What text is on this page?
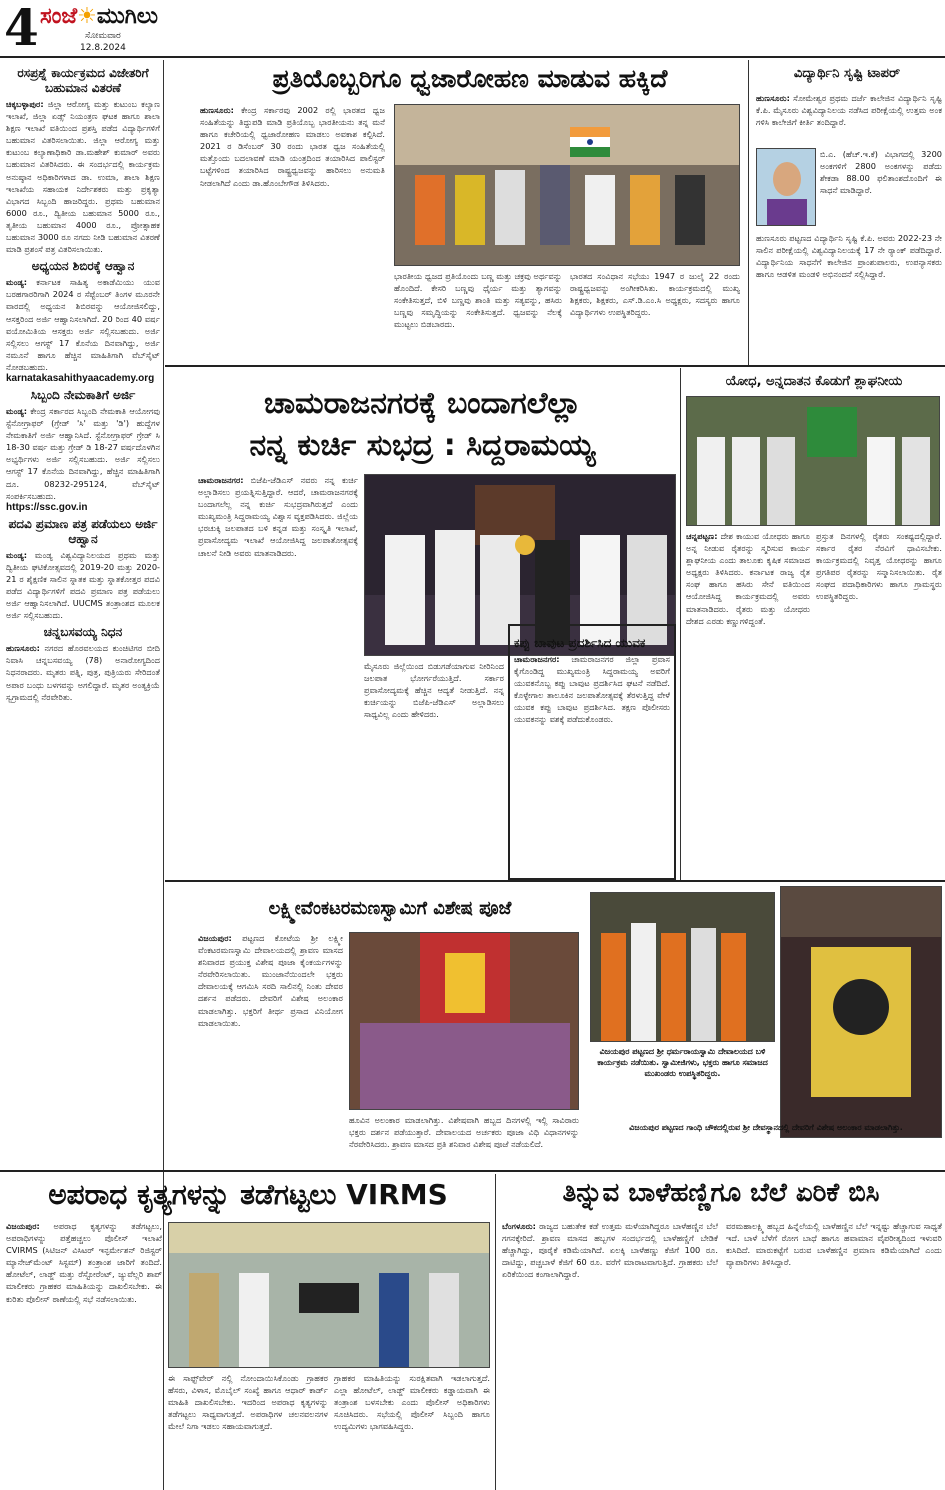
4 ಸಂಜೆ☀ಮುಗಿಲು
ಸೋಮವಾರ
12.8.2024
ರಸಪ್ರಶ್ನೆ ಕಾರ್ಯಕ್ರಮದ ವಿಜೇತರಿಗೆ ಬಹುಮಾನ ವಿತರಣೆ
ಚಿಕ್ಕಬಳ್ಳಾಪುರ: ಜಿಲ್ಲಾ ಆರೋಗ್ಯ ಮತ್ತು ಕುಟುಂಬ ಕಲ್ಯಾಣ ಇಲಾಖೆ, ಜಿಲ್ಲಾ ಏಡ್ಸ್ ನಿಯಂತ್ರಣ ಘಟಕ ಹಾಗೂ ಶಾಲಾ ಶಿಕ್ಷಣ ಇಲಾಖೆ ವತಿಯಿಂದ ಪ್ರಶಸ್ತಿ ಪಡೆದ ವಿದ್ಯಾರ್ಥಿಗಳಿಗೆ ಬಹುಮಾನ ವಿತರಿಸಲಾಯಿತು. ಜಿಲ್ಲಾ ಆರೋಗ್ಯ ಮತ್ತು ಕುಟುಂಬ ಕಲ್ಯಾಣಾಧಿಕಾರಿ ಡಾ.ಮಹೇಶ್ ಕುಮಾರ್ ಅವರು ಬಹುಮಾನ ವಿತರಿಸಿದರು. ಈ ಸಂದರ್ಭದಲ್ಲಿ ಕಾರ್ಯಕ್ರಮ ಅನುಷ್ಠಾನ ಅಧಿಕಾರಿಗಳಾದ ಡಾ. ಉಮಾ, ಶಾಲಾ ಶಿಕ್ಷಣ ಇಲಾಖೆಯ ಸಹಾಯಕ ನಿರ್ದೇಶಕರು ಮತ್ತು ಪ್ರಕೃತ್ಯಾ ವಿಭಾಗದ ಸಿಬ್ಬಂದಿ ಹಾಜರಿದ್ದರು. ಪ್ರಥಮ ಬಹುಮಾನ 6000 ರೂ., ದ್ವಿತೀಯ ಬಹುಮಾನ 5000 ರೂ., ತೃತೀಯ ಬಹುಮಾನ 4000 ರೂ., ಪ್ರೋತ್ಸಾಹಕ ಬಹುಮಾನ 3000 ರೂ ನಗದು ನೀಡಿ ಬಹುಮಾನ ವಿತರಣೆ ಮಾಡಿ ಪ್ರಶಂಸೆ ಪತ್ರ ವಿತರಿಸಲಾಯಿತು.
ಅಧ್ಯಯನ ಶಿಬಿರಕ್ಕೆ ಆಹ್ವಾನ
ಮಂಡ್ಯ: ಕರ್ನಾಟಕ ಸಾಹಿತ್ಯ ಅಕಾಡೆಮಿಯು ಯುವ ಬರಹಗಾರರಿಗಾಗಿ 2024 ರ ಸೆಪ್ಟೆಂಬರ್ ತಿಂಗಳ ಮೂರನೇ ವಾರದಲ್ಲಿ ಅಧ್ಯಯನ ಶಿಬಿರವನ್ನು ಆಯೋಜಿಸಲಿದ್ದು, ಆಸಕ್ತರಿಂದ ಅರ್ಜಿ ಆಹ್ವಾನಿಸಲಾಗಿದೆ. 20 ರಿಂದ 40 ವರ್ಷ ವಯೋಮಿತಿಯ ಆಸಕ್ತರು ಅರ್ಜಿ ಸಲ್ಲಿಸಬಹುದು. ಅರ್ಜಿ ಸಲ್ಲಿಸಲು ಆಗಸ್ಟ್ 17 ಕೊನೆಯ ದಿನವಾಗಿದ್ದು, ಅರ್ಜಿ ನಮೂನೆ ಹಾಗೂ ಹೆಚ್ಚಿನ ಮಾಹಿತಿಗಾಗಿ ವೆಬ್‌ಸೈಟ್ ನೋಡಬಹುದು.
karnatakasahithyaacademy.org
ಸಿಬ್ಬಂದಿ ನೇಮಕಾತಿಗೆ ಅರ್ಜಿ
ಮಂಡ್ಯ: ಕೇಂದ್ರ ಸರ್ಕಾರದ ಸಿಬ್ಬಂದಿ ನೇಮಕಾತಿ ಆಯೋಗವು ಸ್ಟೆನೋಗ್ರಾಫರ್ (ಗ್ರೇಡ್ 'ಸಿ' ಮತ್ತು 'ಡಿ') ಹುದ್ದೆಗಳ ನೇಮಕಾತಿಗೆ ಅರ್ಜಿ ಆಹ್ವಾನಿಸಿದೆ. ಸ್ಟೆನೋಗ್ರಾಫರ್ ಗ್ರೇಡ್ ಸಿ 18-30 ವರ್ಷ ಮತ್ತು ಗ್ರೇಡ್ ಡಿ 18-27 ವರ್ಷದೊಳಗಿನ ಅಭ್ಯರ್ಥಿಗಳು ಅರ್ಜಿ ಸಲ್ಲಿಸಬಹುದು. ಅರ್ಜಿ ಸಲ್ಲಿಸಲು ಆಗಸ್ಟ್ 17 ಕೊನೆಯ ದಿನವಾಗಿದ್ದು, ಹೆಚ್ಚಿನ ಮಾಹಿತಿಗಾಗಿ ದೂ. 08232-295124, ವೆಬ್‌ಸೈಟ್ ಸಂಪರ್ಕಿಸಬಹುದು.
https://ssc.gov.in
ಪದವಿ ಪ್ರಮಾಣ ಪತ್ರ ಪಡೆಯಲು ಅರ್ಜಿ ಆಹ್ವಾನ
ಮಂಡ್ಯ: ಮಂಡ್ಯ ವಿಶ್ವವಿದ್ಯಾನಿಲಯದ ಪ್ರಥಮ ಮತ್ತು ದ್ವಿತೀಯ ಘಟಿಕೋತ್ಸವದಲ್ಲಿ 2019-20 ಮತ್ತು 2020-21 ರ ಶೈಕ್ಷಣಿಕ ಸಾಲಿನ ಸ್ನಾತಕ ಮತ್ತು ಸ್ನಾತಕೋತ್ತರ ಪದವಿ ಪಡೆದ ವಿದ್ಯಾರ್ಥಿಗಳಿಗೆ ಪದವಿ ಪ್ರಮಾಣ ಪತ್ರ ಪಡೆಯಲು ಅರ್ಜಿ ಆಹ್ವಾನಿಸಲಾಗಿದೆ. UUCMS ತಂತ್ರಾಂಶದ ಮೂಲಕ ಅರ್ಜಿ ಸಲ್ಲಿಸಬಹುದು.
ಚನ್ನಬಸವಯ್ಯ ನಿಧನ
ಹುಣಸೂರು: ನಗರದ ಹೊರವಲಯದ ಕುಂಚಿಟಿಗರ ಬೀದಿ ನಿವಾಸಿ ಚನ್ನಬಸವಯ್ಯ (78) ಅನಾರೋಗ್ಯದಿಂದ ನಿಧನರಾದರು. ಮೃತರು ಪತ್ನಿ, ಪುತ್ರ, ಪುತ್ರಿಯರು ಸೇರಿದಂತೆ ಅಪಾರ ಬಂಧು ಬಳಗವನ್ನು ಅಗಲಿದ್ದಾರೆ. ಮೃತರ ಅಂತ್ಯಕ್ರಿಯೆ ಸ್ವಗ್ರಾಮದಲ್ಲಿ ನೆರವೇರಿತು.
ಪ್ರತಿಯೊಬ್ಬರಿಗೂ ಧ್ವಜಾರೋಹಣ ಮಾಡುವ ಹಕ್ಕಿದೆ
ಹುಣಸೂರು: ಕೇಂದ್ರ ಸರ್ಕಾರವು 2002 ರಲ್ಲಿ ಭಾರತದ ಧ್ವಜ ಸಂಹಿತೆಯನ್ನು ತಿದ್ದುಪಡಿ ಮಾಡಿ ಪ್ರತಿಯೊಬ್ಬ ಭಾರತೀಯನು ತನ್ನ ಮನೆ ಹಾಗೂ ಕಚೇರಿಯಲ್ಲಿ ಧ್ವಜಾರೋಹಣ ಮಾಡಲು ಅವಕಾಶ ಕಲ್ಪಿಸಿದೆ. 2021 ರ ಡಿಸೆಂಬರ್ 30 ರಂದು ಭಾರತ ಧ್ವಜ ಸಂಹಿತೆಯಲ್ಲಿ ಮತ್ತೊಂದು ಬದಲಾವಣೆ ಮಾಡಿ ಯಂತ್ರದಿಂದ ತಯಾರಿಸಿದ ಪಾಲಿಸ್ಟರ್ ಬಟ್ಟೆಗಳಿಂದ ತಯಾರಿಸಿದ ರಾಷ್ಟ್ರಧ್ವಜವನ್ನು ಹಾರಿಸಲು ಅನುಮತಿ ನೀಡಲಾಗಿದೆ ಎಂದು ಡಾ.ಹೊಂಬೇಗೌಡ ತಿಳಿಸಿದರು.
ಭಾರತೀಯ ಧ್ವಜದ ಪ್ರತಿಯೊಂದು ಬಣ್ಣ ಮತ್ತು ಚಕ್ರವು ಅರ್ಥವನ್ನು ಹೊಂದಿದೆ. ಕೇಸರಿ ಬಣ್ಣವು ಧೈರ್ಯ ಮತ್ತು ತ್ಯಾಗವನ್ನು ಸಂಕೇತಿಸುತ್ತದೆ, ಬಿಳಿ ಬಣ್ಣವು ಶಾಂತಿ ಮತ್ತು ಸತ್ಯವನ್ನು, ಹಸಿರು ಬಣ್ಣವು ಸಮೃದ್ಧಿಯನ್ನು ಸಂಕೇತಿಸುತ್ತದೆ. ಧ್ವಜವನ್ನು ನೆಲಕ್ಕೆ ಮುಟ್ಟಲು ಬಿಡಬಾರದು.
ಭಾರತದ ಸಂವಿಧಾನ ಸಭೆಯು 1947 ರ ಜುಲೈ 22 ರಂದು ರಾಷ್ಟ್ರಧ್ವಜವನ್ನು ಅಂಗೀಕರಿಸಿತು. ಕಾರ್ಯಕ್ರಮದಲ್ಲಿ ಮುಖ್ಯ ಶಿಕ್ಷಕರು, ಶಿಕ್ಷಕರು, ಎಸ್.ಡಿ.ಎಂ.ಸಿ ಅಧ್ಯಕ್ಷರು, ಸದಸ್ಯರು ಹಾಗೂ ವಿದ್ಯಾರ್ಥಿಗಳು ಉಪಸ್ಥಿತರಿದ್ದರು.
ವಿದ್ಯಾರ್ಥಿನಿ ಸೃಷ್ಟಿ ಟಾಪರ್
ಹುಣಸೂರು: ಸೋಮೇಶ್ವರ ಪ್ರಥಮ ದರ್ಜೆ ಕಾಲೇಜಿನ ವಿದ್ಯಾರ್ಥಿನಿ ಸೃಷ್ಟಿ ಕೆ.ಪಿ. ಮೈಸೂರು ವಿಶ್ವವಿದ್ಯಾನಿಲಯ ನಡೆಸಿದ ಪರೀಕ್ಷೆಯಲ್ಲಿ ಉತ್ತಮ ಅಂಕ ಗಳಿಸಿ ಕಾಲೇಜಿಗೆ ಕೀರ್ತಿ ತಂದಿದ್ದಾರೆ.
ಬಿ.ಎ. (ಹೆಚ್.ಇ.ಕೆ) ವಿಭಾಗದಲ್ಲಿ 3200 ಅಂಕಗಳಿಗೆ 2800 ಅಂಕಗಳನ್ನು ಪಡೆದು ಶೇಕಡಾ 88.00 ಫಲಿತಾಂಶದೊಂದಿಗೆ ಈ ಸಾಧನೆ ಮಾಡಿದ್ದಾರೆ.
ಹುಣಸೂರು ಪಟ್ಟಣದ ವಿದ್ಯಾರ್ಥಿನಿ ಸೃಷ್ಟಿ ಕೆ.ಪಿ. ಅವರು 2022-23 ನೇ ಸಾಲಿನ ಪರೀಕ್ಷೆಯಲ್ಲಿ ವಿಶ್ವವಿದ್ಯಾನಿಲಯಕ್ಕೆ 17 ನೇ ರ‍್ಯಾಂಕ್ ಪಡೆದಿದ್ದಾರೆ. ವಿದ್ಯಾರ್ಥಿನಿಯ ಸಾಧನೆಗೆ ಕಾಲೇಜಿನ ಪ್ರಾಂಶುಪಾಲರು, ಉಪನ್ಯಾಸಕರು ಹಾಗೂ ಆಡಳಿತ ಮಂಡಳಿ ಅಭಿನಂದನೆ ಸಲ್ಲಿಸಿದ್ದಾರೆ.
ಚಾಮರಾಜನಗರಕ್ಕೆ ಬಂದಾಗಲೆಲ್ಲಾ
ನನ್ನ ಕುರ್ಚಿ ಸುಭದ್ರ : ಸಿದ್ದರಾಮಯ್ಯ
ಚಾಮರಾಜನಗರ: ಬಿಜೆಪಿ-ಜೆಡಿಎಸ್ ನವರು ನನ್ನ ಕುರ್ಚಿ ಅಲ್ಲಾಡಿಸಲು ಪ್ರಯತ್ನಿಸುತ್ತಿದ್ದಾರೆ. ಆದರೆ, ಚಾಮರಾಜನಗರಕ್ಕೆ ಬಂದಾಗಲೆಲ್ಲ ನನ್ನ ಕುರ್ಚಿ ಸುಭದ್ರವಾಗಿರುತ್ತದೆ ಎಂದು ಮುಖ್ಯಮಂತ್ರಿ ಸಿದ್ದರಾಮಯ್ಯ ವಿಶ್ವಾಸ ವ್ಯಕ್ತಪಡಿಸಿದರು. ಜಿಲ್ಲೆಯ ಭರಚುಕ್ಕಿ ಜಲಪಾತದ ಬಳಿ ಕನ್ನಡ ಮತ್ತು ಸಂಸ್ಕೃತಿ ಇಲಾಖೆ, ಪ್ರವಾಸೋದ್ಯಮ ಇಲಾಖೆ ಆಯೋಜಿಸಿದ್ದ ಜಲಪಾತೋತ್ಸವಕ್ಕೆ ಚಾಲನೆ ನೀಡಿ ಅವರು ಮಾತನಾಡಿದರು.
ಮೈಸೂರು ಜಿಲ್ಲೆಯಿಂದ ಬಿಡುಗಡೆಯಾಗುವ ನೀರಿನಿಂದ ಜಲಪಾತ ಭೋರ್ಗರೆಯುತ್ತಿದೆ. ಸರ್ಕಾರ ಪ್ರವಾಸೋದ್ಯಮಕ್ಕೆ ಹೆಚ್ಚಿನ ಆದ್ಯತೆ ನೀಡುತ್ತಿದೆ. ನನ್ನ ಕುರ್ಚಿಯನ್ನು ಬಿಜೆಪಿ-ಜೆಡಿಎಸ್ ಅಲ್ಲಾಡಿಸಲು ಸಾಧ್ಯವಿಲ್ಲ ಎಂದು ಹೇಳಿದರು.
ಕಪ್ಪು ಬಾವುಟ ಪ್ರದರ್ಶಿಸಿದ ಯುವಕ
ಚಾಮರಾಜನಗರ: ಚಾಮರಾಜನಗರ ಜಿಲ್ಲಾ ಪ್ರವಾಸ ಕೈಗೊಂಡಿದ್ದ ಮುಖ್ಯಮಂತ್ರಿ ಸಿದ್ದರಾಮಯ್ಯ ಅವರಿಗೆ ಯುವಕನೊಬ್ಬ ಕಪ್ಪು ಬಾವುಟ ಪ್ರದರ್ಶಿಸಿದ ಘಟನೆ ನಡೆದಿದೆ. ಕೊಳ್ಳೇಗಾಲ ತಾಲೂಕಿನ ಜಲಪಾತೋತ್ಸವಕ್ಕೆ ತೆರಳುತ್ತಿದ್ದ ವೇಳೆ ಯುವಕ ಕಪ್ಪು ಬಾವುಟ ಪ್ರದರ್ಶಿಸಿದ. ತಕ್ಷಣ ಪೊಲೀಸರು ಯುವಕನನ್ನು ವಶಕ್ಕೆ ಪಡೆದುಕೊಂಡರು.
ಯೋಧ, ಅನ್ನದಾತನ ಕೊಡುಗೆ ಶ್ಲಾಘನೀಯ
ಚನ್ನಪಟ್ಟಣ: ದೇಶ ಕಾಯುವ ಯೋಧರು ಹಾಗೂ ಅನ್ನ ನೀಡುವ ರೈತರನ್ನು ಸ್ಮರಿಸುವ ಕಾರ್ಯ ಶ್ಲಾಘನೀಯ ಎಂದು ತಾಲೂಕು ಕೃಷಿಕ ಸಮಾಜದ ಅಧ್ಯಕ್ಷರು ತಿಳಿಸಿದರು. ಕರ್ನಾಟಕ ರಾಜ್ಯ ರೈತ ಸಂಘ ಹಾಗೂ ಹಸಿರು ಸೇನೆ ವತಿಯಿಂದ ಆಯೋಜಿಸಿದ್ದ ಕಾರ್ಯಕ್ರಮದಲ್ಲಿ ಅವರು ಮಾತನಾಡಿದರು. ರೈತರು ಮತ್ತು ಯೋಧರು ದೇಶದ ಎರಡು ಕಣ್ಣುಗಳಿದ್ದಂತೆ.
ಪ್ರಸ್ತುತ ದಿನಗಳಲ್ಲಿ ರೈತರು ಸಂಕಷ್ಟದಲ್ಲಿದ್ದಾರೆ. ಸರ್ಕಾರ ರೈತರ ನೆರವಿಗೆ ಧಾವಿಸಬೇಕು. ಕಾರ್ಯಕ್ರಮದಲ್ಲಿ ನಿವೃತ್ತ ಯೋಧರನ್ನು ಹಾಗೂ ಪ್ರಗತಿಪರ ರೈತರನ್ನು ಸನ್ಮಾನಿಸಲಾಯಿತು. ರೈತ ಸಂಘದ ಪದಾಧಿಕಾರಿಗಳು ಹಾಗೂ ಗ್ರಾಮಸ್ಥರು ಉಪಸ್ಥಿತರಿದ್ದರು.
ಲಕ್ಷ್ಮೀವೆಂಕಟರಮಣಸ್ವಾಮಿಗೆ ವಿಶೇಷ ಪೂಜೆ
ವಿಜಯಪುರ: ಪಟ್ಟಣದ ಕೋಟೆಯ ಶ್ರೀ ಲಕ್ಷ್ಮೀ ವೆಂಕಟರಮಣಸ್ವಾಮಿ ದೇವಾಲಯದಲ್ಲಿ ಶ್ರಾವಣ ಮಾಸದ ಶನಿವಾರದ ಪ್ರಯುಕ್ತ ವಿಶೇಷ ಪೂಜಾ ಕೈಂಕರ್ಯಗಳನ್ನು ನೆರವೇರಿಸಲಾಯಿತು. ಮುಂಜಾನೆಯಿಂದಲೇ ಭಕ್ತರು ದೇವಾಲಯಕ್ಕೆ ಆಗಮಿಸಿ ಸರದಿ ಸಾಲಿನಲ್ಲಿ ನಿಂತು ದೇವರ ದರ್ಶನ ಪಡೆದರು. ದೇವರಿಗೆ ವಿಶೇಷ ಅಲಂಕಾರ ಮಾಡಲಾಗಿತ್ತು. ಭಕ್ತರಿಗೆ ತೀರ್ಥ ಪ್ರಸಾದ ವಿನಿಯೋಗ ಮಾಡಲಾಯಿತು.
ಹೂವಿನ ಅಲಂಕಾರ ಮಾಡಲಾಗಿತ್ತು. ವಿಶೇಷವಾಗಿ ಹಬ್ಬದ ದಿನಗಳಲ್ಲಿ ಇಲ್ಲಿ ಸಾವಿರಾರು ಭಕ್ತರು ದರ್ಶನ ಪಡೆಯುತ್ತಾರೆ. ದೇವಾಲಯದ ಅರ್ಚಕರು ಪೂಜಾ ವಿಧಿ ವಿಧಾನಗಳನ್ನು ನೆರವೇರಿಸಿದರು. ಶ್ರಾವಣ ಮಾಸದ ಪ್ರತಿ ಶನಿವಾರ ವಿಶೇಷ ಪೂಜೆ ನಡೆಯಲಿದೆ.
ವಿಜಯಪುರ ಪಟ್ಟಣದ ಶ್ರೀ ಧರ್ಮರಾಯಸ್ವಾಮಿ ದೇವಾಲಯದ ಬಳಿ ಕಾರ್ಯಕ್ರಮ ನಡೆಯಿತು. ಸ್ವಾಮೀಜಿಗಳು, ಭಕ್ತರು ಹಾಗೂ ಸಮಾಜದ ಮುಖಂಡರು ಉಪಸ್ಥಿತರಿದ್ದರು.
ವಿಜಯಪುರ ಪಟ್ಟಣದ ಗಾಂಧಿ ಚೌಕದಲ್ಲಿರುವ ಶ್ರೀ ದೇವಸ್ಥಾನದಲ್ಲಿ ದೇವರಿಗೆ ವಿಶೇಷ ಅಲಂಕಾರ ಮಾಡಲಾಗಿತ್ತು.
ಅಪರಾಧ ಕೃತ್ಯಗಳನ್ನು ತಡೆಗಟ್ಟಲು VIRMS
ವಿಜಯಪುರ: ಅಪರಾಧ ಕೃತ್ಯಗಳನ್ನು ತಡೆಗಟ್ಟಲು, ಅಪರಾಧಿಗಳನ್ನು ಪತ್ತೆಹಚ್ಚಲು ಪೊಲೀಸ್ ಇಲಾಖೆ CVIRMS (ಸಿಟಿಜನ್ ವಿಸಿಟರ್ ಇನ್ಫರ್ಮೇಶನ್ ರಿಜಿಸ್ಟರ್ ಮ್ಯಾನೇಜ್‌ಮೆಂಟ್ ಸಿಸ್ಟಮ್) ತಂತ್ರಾಂಶ ಜಾರಿಗೆ ತಂದಿದೆ. ಹೋಟೆಲ್, ಲಾಡ್ಜ್ ಮತ್ತು ರೆಸ್ಟೋರೆಂಟ್, ಜ್ಯುವೆಲ್ಲರಿ ಶಾಪ್ ಮಾಲೀಕರು ಗ್ರಾಹಕರ ಮಾಹಿತಿಯನ್ನು ದಾಖಲಿಸಬೇಕು. ಈ ಕುರಿತು ಪೊಲೀಸ್ ಠಾಣೆಯಲ್ಲಿ ಸಭೆ ನಡೆಸಲಾಯಿತು.
ಈ ಸಾಫ್ಟ್‌ವೇರ್ ನಲ್ಲಿ ನೋಂದಾಯಿಸಿಕೊಂಡು ಗ್ರಾಹಕರ ಹೆಸರು, ವಿಳಾಸ, ಮೊಬೈಲ್ ಸಂಖ್ಯೆ ಹಾಗೂ ಆಧಾರ್ ಕಾರ್ಡ್ ಮಾಹಿತಿ ದಾಖಲಿಸಬೇಕು. ಇದರಿಂದ ಅಪರಾಧ ಕೃತ್ಯಗಳನ್ನು ತಡೆಗಟ್ಟಲು ಸಾಧ್ಯವಾಗುತ್ತದೆ. ಅಪರಾಧಿಗಳ ಚಲನವಲನಗಳ ಮೇಲೆ ನಿಗಾ ಇಡಲು ಸಹಾಯವಾಗುತ್ತದೆ.
ಗ್ರಾಹಕರ ಮಾಹಿತಿಯನ್ನು ಸುರಕ್ಷಿತವಾಗಿ ಇಡಲಾಗುತ್ತದೆ. ಎಲ್ಲಾ ಹೋಟೆಲ್, ಲಾಡ್ಜ್ ಮಾಲೀಕರು ಕಡ್ಡಾಯವಾಗಿ ಈ ತಂತ್ರಾಂಶ ಬಳಸಬೇಕು ಎಂದು ಪೊಲೀಸ್ ಅಧಿಕಾರಿಗಳು ಸೂಚಿಸಿದರು. ಸಭೆಯಲ್ಲಿ ಪೊಲೀಸ್ ಸಿಬ್ಬಂದಿ ಹಾಗೂ ಉದ್ಯಮಿಗಳು ಭಾಗವಹಿಸಿದ್ದರು.
ತಿನ್ನುವ ಬಾಳೆಹಣ್ಣಿಗೂ ಬೆಲೆ ಏರಿಕೆ ಬಿಸಿ
ಬೆಂಗಳೂರು: ರಾಜ್ಯದ ಬಹುತೇಕ ಕಡೆ ಉತ್ತಮ ಮಳೆಯಾಗಿದ್ದರೂ ಬಾಳೆಹಣ್ಣಿನ ಬೆಲೆ ಗಗನಕ್ಕೇರಿದೆ. ಶ್ರಾವಣ ಮಾಸದ ಹಬ್ಬಗಳ ಸಂದರ್ಭದಲ್ಲಿ ಬಾಳೆಹಣ್ಣಿಗೆ ಬೇಡಿಕೆ ಹೆಚ್ಚಾಗಿದ್ದು, ಪೂರೈಕೆ ಕಡಿಮೆಯಾಗಿದೆ. ಏಲಕ್ಕಿ ಬಾಳೆಹಣ್ಣು ಕೆಜಿಗೆ 100 ರೂ. ದಾಟಿದ್ದು, ಪಚ್ಚಬಾಳೆ ಕೆಜಿಗೆ 60 ರೂ. ವರೆಗೆ ಮಾರಾಟವಾಗುತ್ತಿದೆ. ಗ್ರಾಹಕರು ಬೆಲೆ ಏರಿಕೆಯಿಂದ ಕಂಗಾಲಾಗಿದ್ದಾರೆ.
ವರಮಹಾಲಕ್ಷ್ಮಿ ಹಬ್ಬದ ಹಿನ್ನೆಲೆಯಲ್ಲಿ ಬಾಳೆಹಣ್ಣಿನ ಬೆಲೆ ಇನ್ನಷ್ಟು ಹೆಚ್ಚಾಗುವ ಸಾಧ್ಯತೆ ಇದೆ. ಬಾಳೆ ಬೆಳೆಗೆ ರೋಗ ಬಾಧೆ ಹಾಗೂ ಹವಾಮಾನ ವೈಪರೀತ್ಯದಿಂದ ಇಳುವರಿ ಕುಸಿದಿದೆ. ಮಾರುಕಟ್ಟೆಗೆ ಬರುವ ಬಾಳೆಹಣ್ಣಿನ ಪ್ರಮಾಣ ಕಡಿಮೆಯಾಗಿದೆ ಎಂದು ವ್ಯಾಪಾರಿಗಳು ತಿಳಿಸಿದ್ದಾರೆ.
